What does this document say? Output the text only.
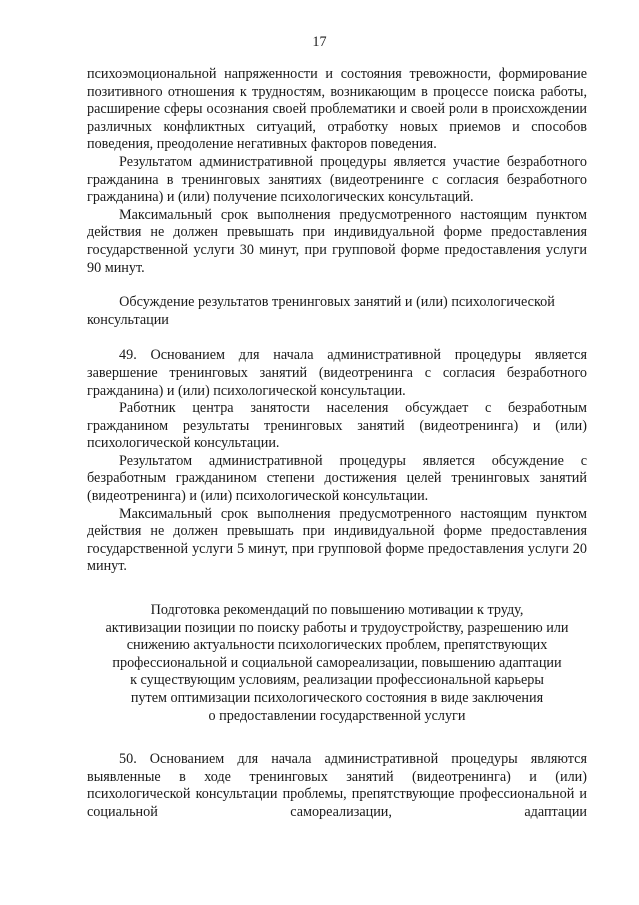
17

психоэмоциональной напряженности и состояния тревожности, формирование позитивного отношения к трудностям, возникающим в процессе поиска работы, расширение сферы осознания своей проблематики и своей роли в происхождении различных конфликтных ситуаций, отработку новых приемов и способов поведения, преодоление негативных факторов поведения.

Результатом административной процедуры является участие безработного гражданина в тренинговых занятиях (видеотренинге с согласия безработного гражданина) и (или) получение психологических консультаций.

Максимальный срок выполнения предусмотренного настоящим пунктом действия не должен превышать при индивидуальной форме предоставления государственной услуги 30 минут, при групповой форме предоставления услуги 90 минут.

Обсуждение результатов тренинговых занятий и (или) психологической консультации

49. Основанием для начала административной процедуры является завершение тренинговых занятий (видеотренинга с согласия безработного гражданина) и (или) психологической консультации.

Работник центра занятости населения обсуждает с безработным гражданином результаты тренинговых занятий (видеотренинга) и (или) психологической консультации.

Результатом административной процедуры является обсуждение с безработным гражданином степени достижения целей тренинговых занятий (видеотренинга) и (или) психологической консультации.

Максимальный срок выполнения предусмотренного настоящим пунктом действия не должен превышать при индивидуальной форме предоставления государственной услуги 5 минут, при групповой форме предоставления услуги 20 минут.

Подготовка рекомендаций по повышению мотивации к труду,
активизации позиции по поиску работы и трудоустройству, разрешению или
снижению актуальности психологических проблем, препятствующих
профессиональной и социальной самореализации, повышению адаптации
к существующим условиям, реализации профессиональной карьеры
путем оптимизации психологического состояния в виде заключения
о предоставлении государственной услуги

50. Основанием для начала административной процедуры являются выявленные в ходе тренинговых занятий (видеотренинга) и (или) психологической консультации проблемы, препятствующие профессиональной и социальной самореализации, адаптации
